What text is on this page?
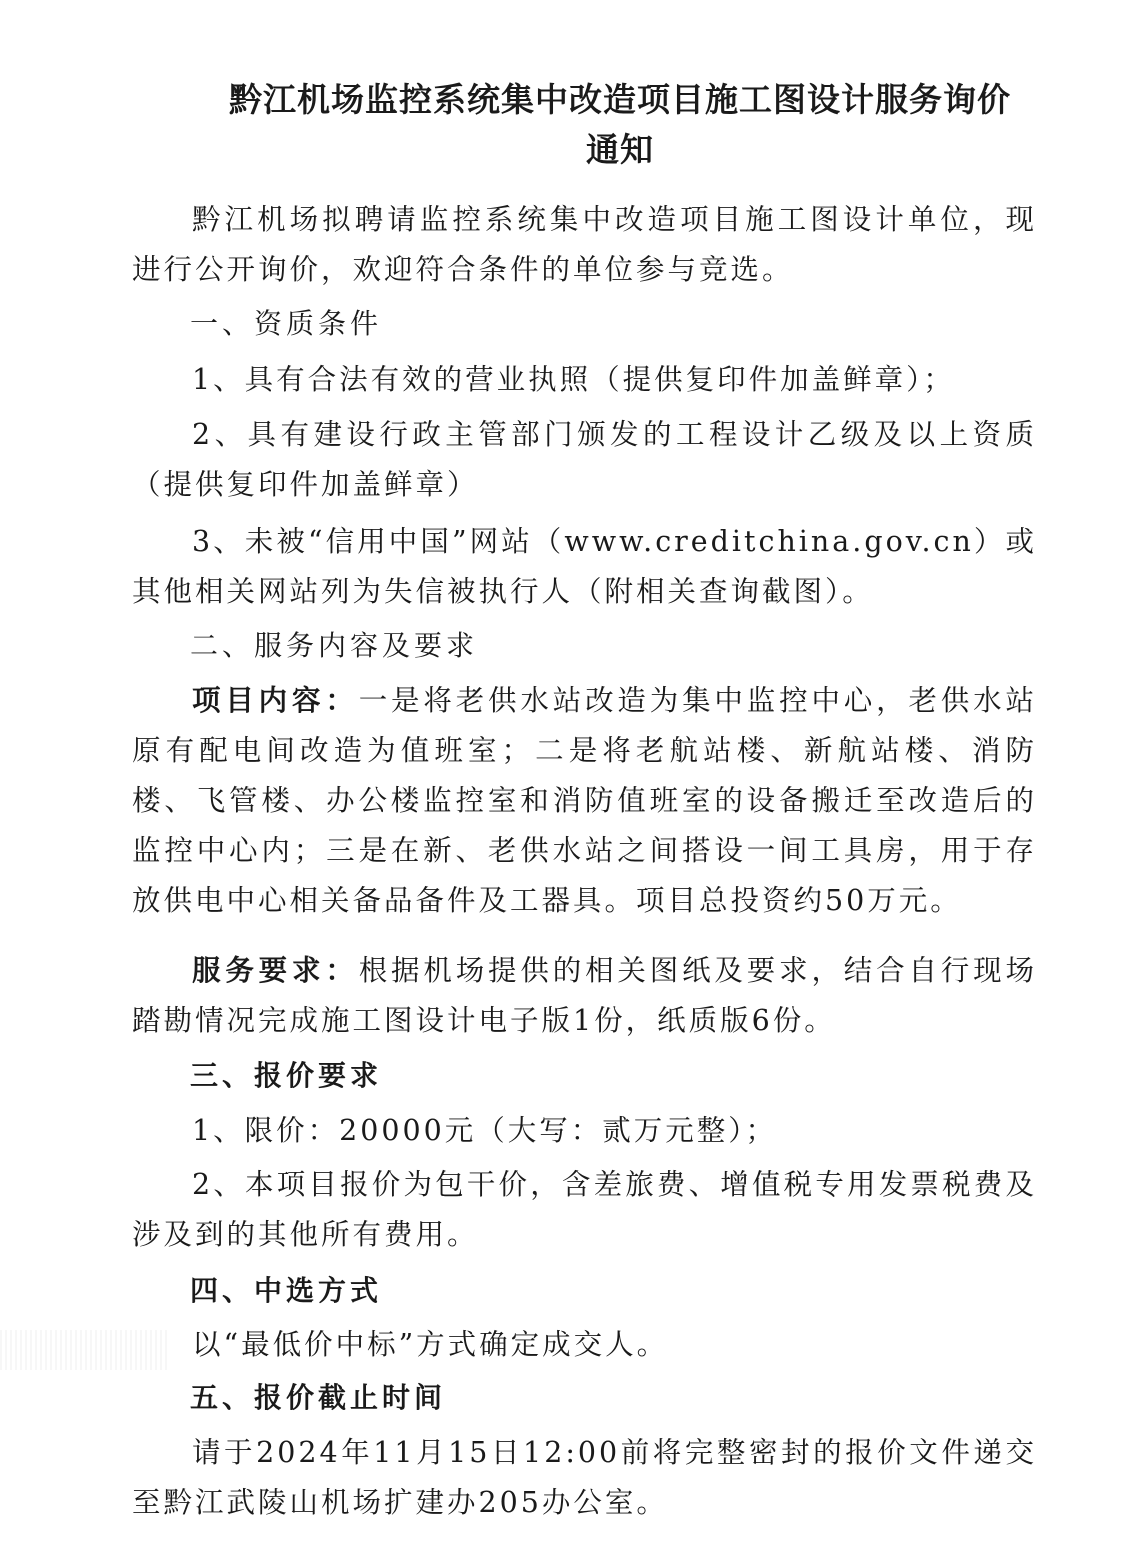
黔江机场监控系统集中改造项目施工图设计服务询价
通知
黔江机场拟聘请监控系统集中改造项目施工图设计单位，现进行公开询价，欢迎符合条件的单位参与竞选。
一、资质条件
1、具有合法有效的营业执照（提供复印件加盖鲜章）；
2、具有建设行政主管部门颁发的工程设计乙级及以上资质（提供复印件加盖鲜章）
3、未被“信用中国”网站（www.creditchina.gov.cn）或其他相关网站列为失信被执行人（附相关查询截图）。
二、服务内容及要求
项目内容：一是将老供水站改造为集中监控中心，老供水站原有配电间改造为值班室；二是将老航站楼、新航站楼、消防楼、飞管楼、办公楼监控室和消防值班室的设备搬迁至改造后的监控中心内；三是在新、老供水站之间搭设一间工具房，用于存放供电中心相关备品备件及工器具。项目总投资约50万元。
服务要求：根据机场提供的相关图纸及要求，结合自行现场踏勘情况完成施工图设计电子版1份，纸质版6份。
三、报价要求
1、限价：20000元（大写：贰万元整）；
2、本项目报价为包干价，含差旅费、增值税专用发票税费及涉及到的其他所有费用。
四、中选方式
以“最低价中标”方式确定成交人。
五、报价截止时间
请于2024年11月15日12:00前将完整密封的报价文件递交至黔江武陵山机场扩建办205办公室。
